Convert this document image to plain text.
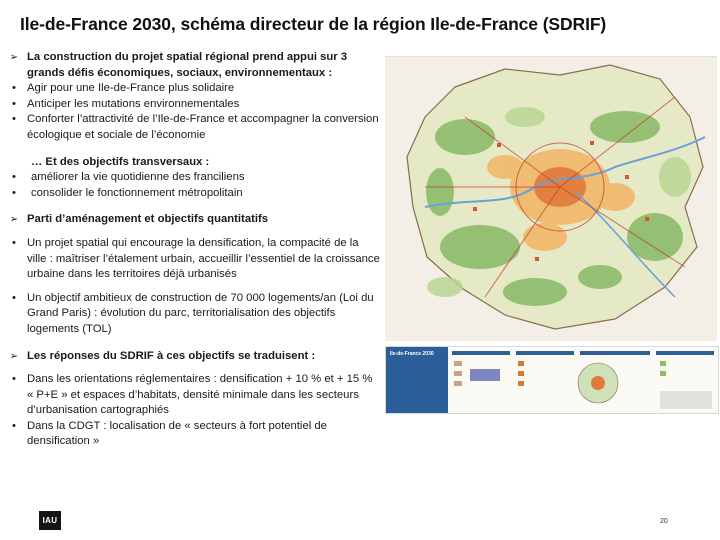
Ile-de-France 2030, schéma directeur de la région Ile-de-France (SDRIF)
➢ La construction du projet spatial régional prend appui sur 3 grands défis économiques, sociaux, environnementaux :
• Agir pour une Ile-de-France plus solidaire
• Anticiper les mutations environnementales
• Conforter l’attractivité de l’Ile-de-France et accompagner la conversion écologique et sociale de l’économie
… Et des objectifs transversaux :
•	améliorer la vie quotidienne des franciliens
•	consolider le fonctionnement métropolitain
➢ Parti d’aménagement et objectifs quantitatifs
• Un projet spatial qui encourage la densification, la compacité de la ville : maîtriser l’étalement urbain, accueillir l’essentiel de la croissance urbaine dans les territoires déjà urbanisés
• Un objectif ambitieux de construction de 70 000 logements/an (Loi du Grand Paris) : évolution du parc, territorialisation des objectifs logements (TOL)
➢ Les réponses du SDRIF à ces objectifs se traduisent :
• Dans les orientations réglementaires : densification + 10 % et + 15 % « P+E » et espaces d’habitats, densité minimale dans les secteurs d’urbanisation cartographiés
• Dans la CDGT : localisation de « secteurs à fort potentiel de densification »
Ile-de-France 2030
IAU	20
